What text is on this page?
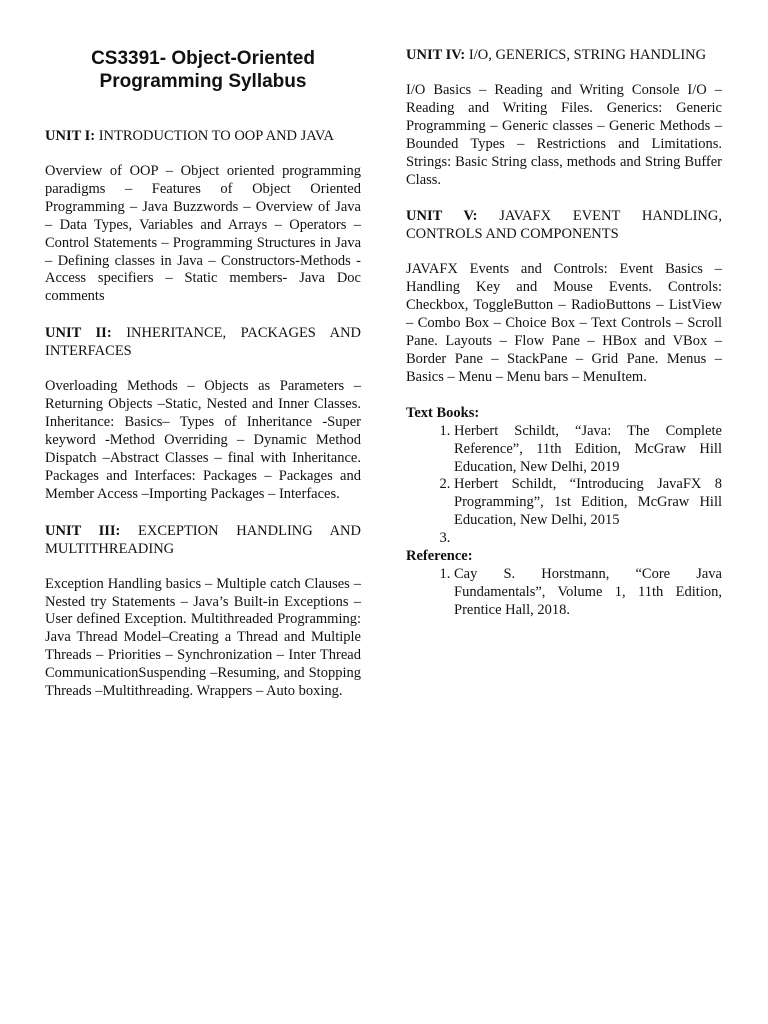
CS3391- Object-Oriented Programming Syllabus

UNIT I: INTRODUCTION TO OOP AND JAVA

Overview of OOP – Object oriented programming paradigms – Features of Object Oriented Programming – Java Buzzwords – Overview of Java – Data Types, Variables and Arrays – Operators – Control Statements – Programming Structures in Java – Defining classes in Java – Constructors-Methods -Access specifiers – Static members- Java Doc comments

UNIT II: INHERITANCE, PACKAGES AND INTERFACES

Overloading Methods – Objects as Parameters – Returning Objects –Static, Nested and Inner Classes. Inheritance: Basics– Types of Inheritance -Super keyword -Method Overriding – Dynamic Method Dispatch –Abstract Classes – final with Inheritance. Packages and Interfaces: Packages – Packages and Member Access –Importing Packages – Interfaces.

UNIT III: EXCEPTION HANDLING AND MULTITHREADING

Exception Handling basics – Multiple catch Clauses – Nested try Statements – Java’s Built-in Exceptions – User defined Exception. Multithreaded Programming: Java Thread Model–Creating a Thread and Multiple Threads – Priorities – Synchronization – Inter Thread CommunicationSuspending –Resuming, and Stopping Threads –Multithreading. Wrappers – Auto boxing.

UNIT IV: I/O, GENERICS, STRING HANDLING

I/O Basics – Reading and Writing Console I/O – Reading and Writing Files. Generics: Generic Programming – Generic classes – Generic Methods – Bounded Types – Restrictions and Limitations. Strings: Basic String class, methods and String Buffer Class.

UNIT V: JAVAFX EVENT HANDLING, CONTROLS AND COMPONENTS

JAVAFX Events and Controls: Event Basics – Handling Key and Mouse Events. Controls: Checkbox, ToggleButton – RadioButtons – ListView – Combo Box – Choice Box – Text Controls – Scroll Pane. Layouts – Flow Pane – HBox and VBox – Border Pane – StackPane – Grid Pane. Menus – Basics – Menu – Menu bars – MenuItem.

Text Books:

1. Herbert Schildt, “Java: The Complete Reference”, 11th Edition, McGraw Hill Education, New Delhi, 2019
2. Herbert Schildt, “Introducing JavaFX 8 Programming”, 1st Edition, McGraw Hill Education, New Delhi, 2015
3.

Reference:

1. Cay S. Horstmann, “Core Java Fundamentals”, Volume 1, 11th Edition, Prentice Hall, 2018.
